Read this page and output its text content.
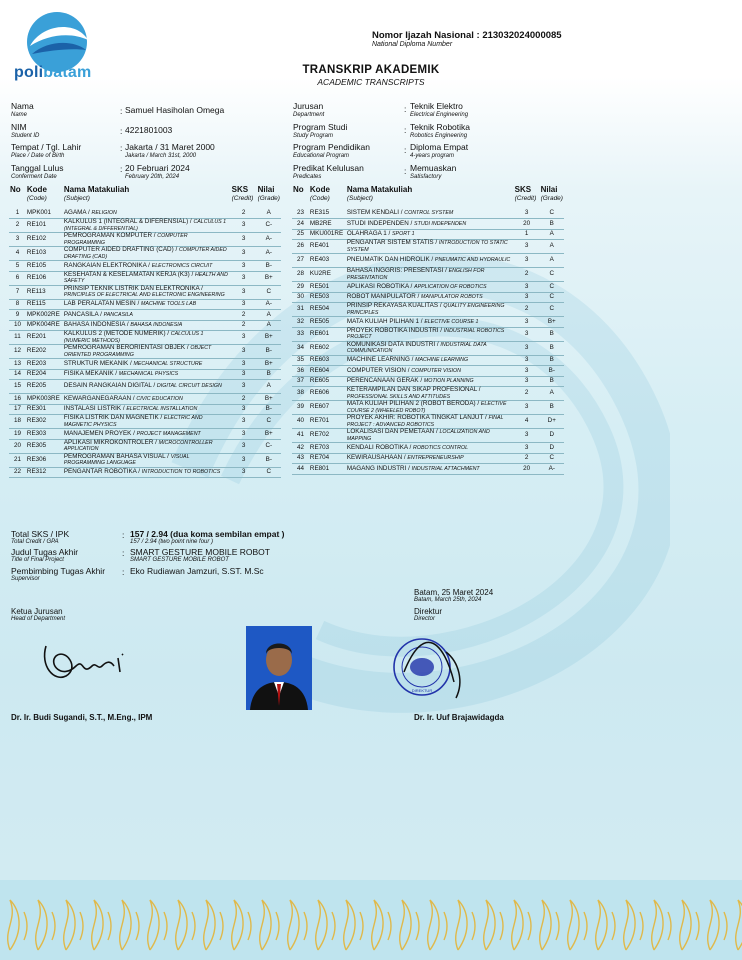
polibatam
Nomor Ijazah Nasional : 213032024000085
National Diploma Number
TRANSKRIP AKADEMIK
ACADEMIC TRANSCRIPTS
Nama
Name	: Samuel Hasiholan Omega
NIM
Student ID	: 4221801003
Tempat / Tgl. Lahir
Place / Date of Birth
: Jakarta / 31 Maret 2000
Jakarta / March 31st, 2000
Tanggal Lulus
Conferment Date
: 20 Februari 2024
February 20th, 2024
Jurusan
Department
: Teknik Elektro
Electrical Engineering
Program Studi
Study Program
: Teknik Robotika
Robotics Engineering
Program Pendidikan
Educational Program
: Diploma Empat
4-years program
Predikat Kelulusan
Predicates
: Memuaskan
Satisfactory
No	Kode
(Code)	Nama Matakuliah
(Subject)	SKS
(Credit)	Nilai
(Grade)

1	MPK001	AGAMA / RELIGION	2	A
2	RE101	KALKULUS 1 (INTEGRAL & DIFERENSIAL) / CALCULUS 1 (INTEGRAL & DIFFERENTIAL)	3	C-
3	RE102	PEMROGRAMAN KOMPUTER / COMPUTER PROGRAMMING	3	A-
4	RE103	COMPUTER AIDED DRAFTING (CAD) / COMPUTER AIDED DRAFTING (CAD)	3	A-
5	RE105	RANGKAIAN ELEKTRONIKA / ELECTRONICS CIRCUIT	3	B-
6	RE106	KESEHATAN & KESELAMATAN KERJA (K3) / HEALTH AND SAFETY	3	B+
7	RE113	PRINSIP TEKNIK LISTRIK DAN ELEKTRONIKA / PRINCIPLES OF ELECTRICAL AND ELECTRONIC ENGINEERING	3	C
8	RE115	LAB PERALATAN MESIN / MACHINE TOOLS LAB	3	A-
9	MPK002RE	PANCASILA / PANCASILA	2	A
10	MPK004RE	BAHASA INDONESIA / BAHASA INDONESIA	2	A
11	RE201	KALKULUS 2 (METODE NUMERIK) / CALCULUS 1 (NUMERIC METHODS)	3	B+
12	RE202	PEMROGRAMAN BERORIENTASI OBJEK / OBJECT ORIENTED PROGRAMMING	3	B-
13	RE203	STRUKTUR MEKANIK / MECHANICAL STRUCTURE	3	B+
14	RE204	FISIKA MEKANIK / MECHANICAL PHYSICS	3	B
15	RE205	DESAIN RANGKAIAN DIGITAL / DIGITAL CIRCUIT DESIGN	3	A
16	MPK003RE	KEWARGANEGARAAN / CIVIC EDUCATION	2	B+
17	RE301	INSTALASI LISTRIK / ELECTRICAL INSTALLATION	3	B-
18	RE302	FISIKA LISTRIK DAN MAGNETIK / ELECTRIC AND MAGNETIC PHYSICS	3	C
19	RE303	MANAJEMEN PROYEK / PROJECT MANAGEMENT	3	B+
20	RE305	APLIKASI MIKROKONTROLER / MICROCONTROLLER APPLICATION	3	C-
21	RE306	PEMROGRAMAN BAHASA VISUAL / VISUAL PROGRAMMING LANGUAGE	3	B-
22	RE312	PENGANTAR ROBOTIKA / INTRODUCTION TO ROBOTICS	3	C
No	Kode
(Code)	Nama Matakuliah
(Subject)	SKS
(Credit)	Nilai
(Grade)

23	RE315	SISTEM KENDALI / CONTROL SYSTEM	3	C
24	MB2RE	STUDI INDEPENDEN / STUDI INDEPENDEN	20	B
25	MKU001RE	OLAHRAGA 1 / SPORT 1	1	A
26	RE401	PENGANTAR SISTEM STATIS / INTRODUCTION TO STATIC SYSTEM	3	A
27	RE403	PNEUMATIK DAN HIDROLIK / PNEUMATIC AND HYDRAULIC	3	A
28	KU2RE	BAHASA INGGRIS: PRESENTASI / ENGLISH FOR PRESENTATION	2	C
29	RE501	APLIKASI ROBOTIKA / APPLICATION OF ROBOTICS	3	C
30	RE503	ROBOT MANIPULATOR / MANIPULATOR ROBOTS	3	C
31	RE504	PRINSIP REKAYASA KUALITAS / QUALITY ENGINEERING PRINCIPLES	2	C
32	RE505	MATA KULIAH PILIHAN 1 / ELECTIVE COURSE 1	3	B+
33	RE601	PROYEK ROBOTIKA INDUSTRI / INDUSTRIAL ROBOTICS PROJECT	3	B
34	RE602	KOMUNIKASI DATA INDUSTRI / INDUSTRIAL DATA COMMUNICATION	3	B
35	RE603	MACHINE LEARNING / MACHINE LEARNING	3	B
36	RE604	COMPUTER VISION / COMPUTER VISION	3	B-
37	RE605	PERENCANAAN GERAK / MOTION PLANNING	3	B
38	RE606	KETERAMPILAN DAN SIKAP PROFESIONAL / PROFESSIONAL SKILLS AND ATTITUDES	2	A
39	RE607	MATA KULIAH PILIHAN 2 (ROBOT BERODA) / ELECTIVE COURSE 2 (WHEELED ROBOT)	3	B
40	RE701	PROYEK AKHIR: ROBOTIKA TINGKAT LANJUT / FINAL PROJECT : ADVANCED ROBOTICS	4	D+
41	RE702	LOKALISASI DAN PEMETAAN / LOCALIZATION AND MAPPING	3	D
42	RE703	KENDALI ROBOTIKA / ROBOTICS CONTROL	3	D
43	RE704	KEWIRAUSAHAAN / ENTREPRENEURSHIP	2	C
44	RE801	MAGANG INDUSTRI / INDUSTRIAL ATTACHMENT	20	A-
Total SKS / IPK
Total Credit / GPA
: 157 / 2.94 (dua koma sembilan empat )
157 / 2.94 (two point nine four )
Judul Tugas Akhir
Title of Final Project
: SMART GESTURE MOBILE ROBOT
SMART GESTURE MOBILE ROBOT
Pembimbing Tugas Akhir
Supervisor
: Eko Rudiawan Jamzuri, S.ST. M.Sc
Batam, 25 Maret 2024
Batam, March 25th, 2024
Direktur
Director
Ketua Jurusan
Head of Department
DIREKTUR
Dr. Ir. Budi Sugandi, S.T., M.Eng., IPM	Dr. Ir. Uuf Brajawidagda
